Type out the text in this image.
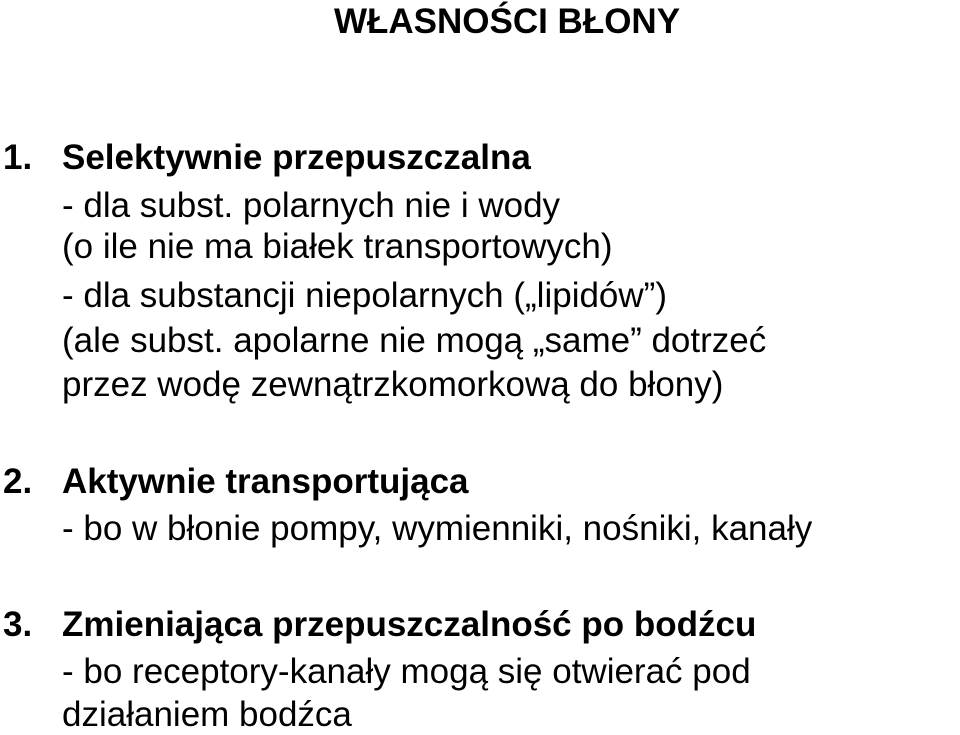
WŁASNOŚCI BŁONY
1. Selektywnie przepuszczalna
- dla subst. polarnych nie i wody
(o ile nie ma białek transportowych)
- dla substancji niepolarnych („lipidów”)
(ale subst. apolarne nie mogą „same” dotrzeć
przez wodę zewnątrzkomorkową do błony)
2. Aktywnie transportująca
- bo w błonie pompy, wymienniki, nośniki, kanały
3. Zmieniająca przepuszczalność po bodźcu
- bo receptory-kanały mogą się otwierać pod
działaniem bodźca
